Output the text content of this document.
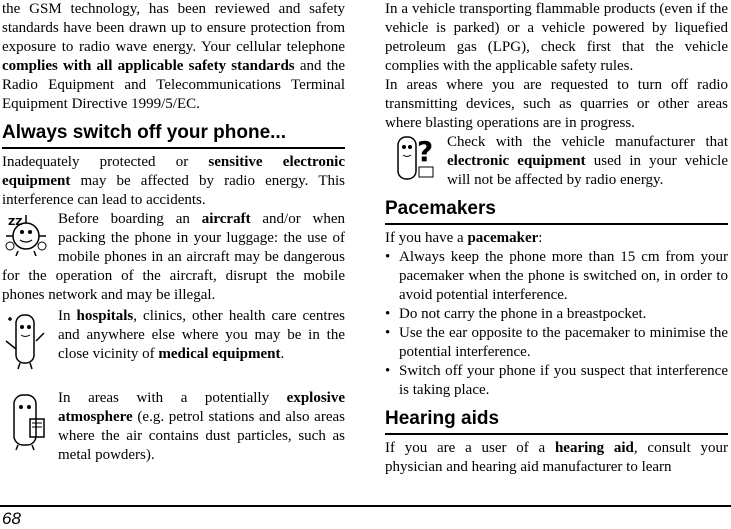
the GSM technology, has been reviewed and safety standards have been drawn up to ensure protection from exposure to radio wave energy. Your cellular telephone complies with all applicable safety standards and the Radio Equipment and Telecommunications Terminal Equipment Directive 1999/5/EC.

Always switch off your phone...

Inadequately protected or sensitive electronic equipment may be affected by radio energy. This interference can lead to accidents.

ZZ Before boarding an aircraft and/or when packing the phone in your luggage: the use of mobile phones in an aircraft may be dangerous for the operation of the aircraft, disrupt the mobile phones network and may be illegal.

In hospitals, clinics, other health care centres and anywhere else where you may be in the close vicinity of medical equipment.

In areas with a potentially explosive atmosphere (e.g. petrol stations and also areas where the air contains dust particles, such as metal powders).

In a vehicle transporting flammable products (even if the vehicle is parked) or a vehicle powered by liquefied petroleum gas (LPG), check first that the vehicle complies with the applicable safety rules.

In areas where you are requested to turn off radio transmitting devices, such as quarries or other areas where blasting operations are in progress.

? Check with the vehicle manufacturer that electronic equipment used in your vehicle will not be affected by radio energy.

Pacemakers

If you have a pacemaker:

• Always keep the phone more than 15 cm from your pacemaker when the phone is switched on, in order to avoid potential interference.
• Do not carry the phone in a breastpocket.
• Use the ear opposite to the pacemaker to minimise the potential interference.
• Switch off your phone if you suspect that interference is taking place.
Hearing aids

If you are a user of a hearing aid, consult your physician and hearing aid manufacturer to learn

68
